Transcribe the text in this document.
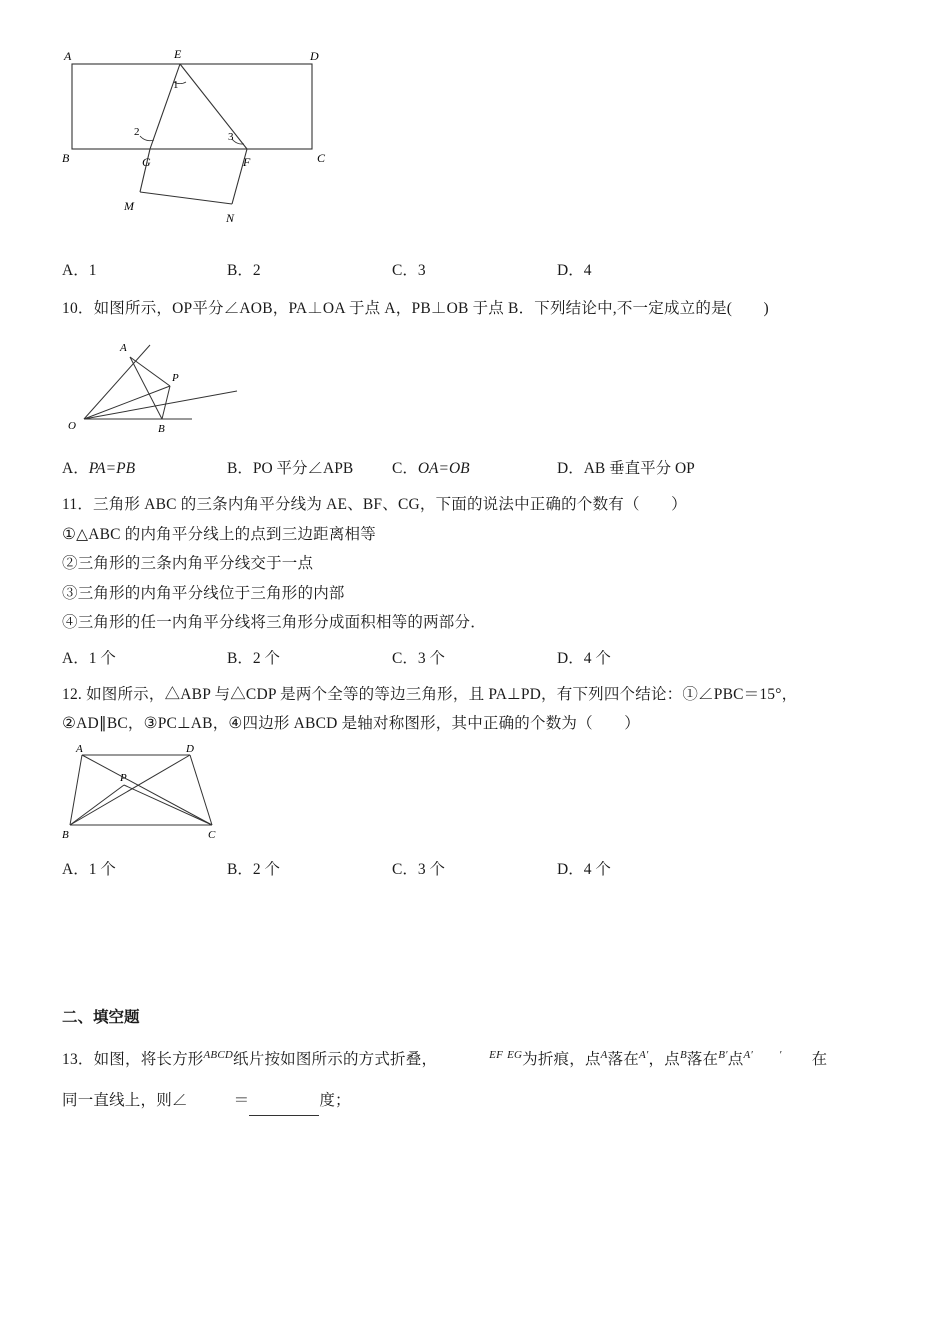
A	E	D
1
2	3
B	G	F	C
M
N
A．1	B．2	C．3	D．4
10．如图所示，OP平分∠AOB，PA⊥OA 于点 A，PB⊥OB 于点 B．下列结论中,不一定成立的是(　　)
A
P
O	B
A．PA=PB	B．PO 平分∠APB	C．OA=OB	D．AB 垂直平分 OP
11．三角形 ABC 的三条内角平分线为 AE、BF、CG，下面的说法中正确的个数有（　　）
①△ABC 的内角平分线上的点到三边距离相等
②三角形的三条内角平分线交于一点
③三角形的内角平分线位于三角形的内部
④三角形的任一内角平分线将三角形分成面积相等的两部分．
A．1 个	B．2 个	C．3 个	D．4 个
12. 如图所示，△ABP 与△CDP 是两个全等的等边三角形，且 PA⊥PD，有下列四个结论：①∠PBC＝15°，
②AD∥BC，③PC⊥AB，④四边形 ABCD 是轴对称图形，其中正确的个数为（　　）
A	D
P
B	C
A．1 个	B．2 个	C．3 个	D．4 个
二、填空题
13．如图，将长方形$^{ABCD}$纸片按如图所示的方式折叠，	$^{EF}$ $^{EG}$为折痕，点$^A$落在$^{A'}$，点$^B$落在$^{B'}$点$^{A'}$ ′ 在
同一直线上，则∠	＝	度；
